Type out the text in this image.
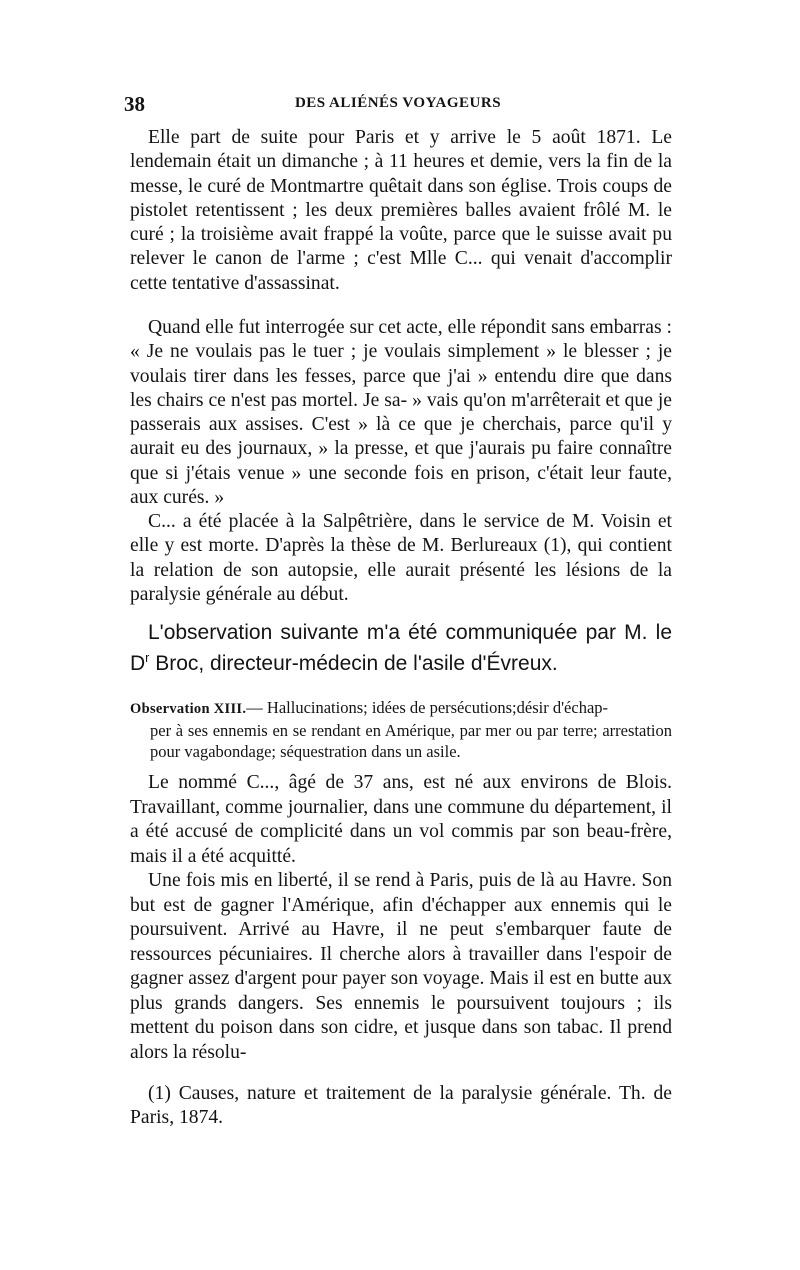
38	DES ALIÉNÉS VOYAGEURS

Elle part de suite pour Paris et y arrive le 5 août 1871. Le lendemain était un dimanche ; à 11 heures et demie, vers la fin de la messe, le curé de Montmartre quêtait dans son église. Trois coups de pistolet retentissent ; les deux premières balles avaient frôlé M. le curé ; la troisième avait frappé la voûte, parce que le suisse avait pu relever le canon de l'arme ; c'est Mlle C... qui venait d'accomplir cette tentative d'assassinat.

Quand elle fut interrogée sur cet acte, elle répondit sans embarras : « Je ne voulais pas le tuer ; je voulais simplement » le blesser ; je voulais tirer dans les fesses, parce que j'ai » entendu dire que dans les chairs ce n'est pas mortel. Je sa- » vais qu'on m'arrêterait et que je passerais aux assises. C'est » là ce que je cherchais, parce qu'il y aurait eu des journaux, » la presse, et que j'aurais pu faire connaître que si j'étais venue » une seconde fois en prison, c'était leur faute, aux curés. »

C... a été placée à la Salpêtrière, dans le service de M. Voisin et elle y est morte. D'après la thèse de M. Berlureaux (1), qui contient la relation de son autopsie, elle aurait présenté les lésions de la paralysie générale au début.

L'observation suivante m'a été communiquée par M. le $D^r$ Broc, directeur-médecin de l'asile d'Évreux.

Observation XIII.— Hallucinations; idées de persécutions;désir d'échap-
per à ses ennemis en se rendant en Amérique, par mer ou par terre; arrestation pour vagabondage; séquestration dans un asile.

Le nommé C..., âgé de 37 ans, est né aux environs de Blois. Travaillant, comme journalier, dans une commune du département, il a été accusé de complicité dans un vol commis par son beau-frère, mais il a été acquitté.

Une fois mis en liberté, il se rend à Paris, puis de là au Havre. Son but est de gagner l'Amérique, afin d'échapper aux ennemis qui le poursuivent. Arrivé au Havre, il ne peut s'embarquer faute de ressources pécuniaires. Il cherche alors à travailler dans l'espoir de gagner assez d'argent pour payer son voyage. Mais il est en butte aux plus grands dangers. Ses ennemis le poursuivent toujours ; ils mettent du poison dans son cidre, et jusque dans son tabac. Il prend alors la résolu-

(1) Causes, nature et traitement de la paralysie générale. Th. de Paris, 1874.
